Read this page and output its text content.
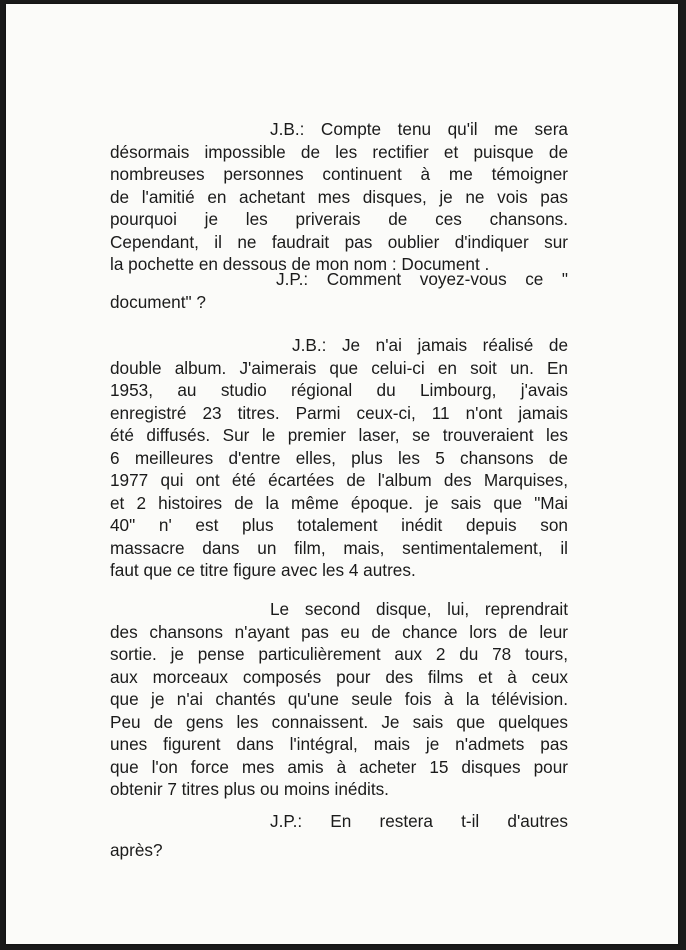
J.B.: Compte tenu qu'il me sera
désormais impossible de les rectifier et puisque de
nombreuses personnes continuent à me témoigner
de l'amitié en achetant mes disques, je ne vois pas
pourquoi je les priverais de ces chansons.
Cependant, il ne faudrait pas oublier d'indiquer sur
la pochette en dessous de mon nom : Document .
J.P.: Comment voyez-vous ce "
document" ?
J.B.: Je n'ai jamais réalisé de
double album. J'aimerais que celui-ci en soit un. En
1953, au studio régional du Limbourg, j'avais
enregistré 23 titres. Parmi ceux-ci, 11 n'ont jamais
été diffusés. Sur le premier laser, se trouveraient les
6 meilleures d'entre elles, plus les 5 chansons de
1977 qui ont été écartées de l'album des Marquises,
et 2 histoires de la même époque. je sais que "Mai
40" n' est plus totalement inédit depuis son
massacre dans un film, mais, sentimentalement, il
faut que ce titre figure avec les 4 autres.
Le second disque, lui, reprendrait
des chansons n'ayant pas eu de chance lors de leur
sortie. je pense particulièrement aux 2 du 78 tours,
aux morceaux composés pour des films et à ceux
que je n'ai chantés qu'une seule fois à la télévision.
Peu de gens les connaissent. Je sais que quelques
unes figurent dans l'intégral, mais je n'admets pas
que l'on force mes amis à acheter 15 disques pour
obtenir 7 titres plus ou moins inédits.
J.P.: En restera t-il d'autres
après?
